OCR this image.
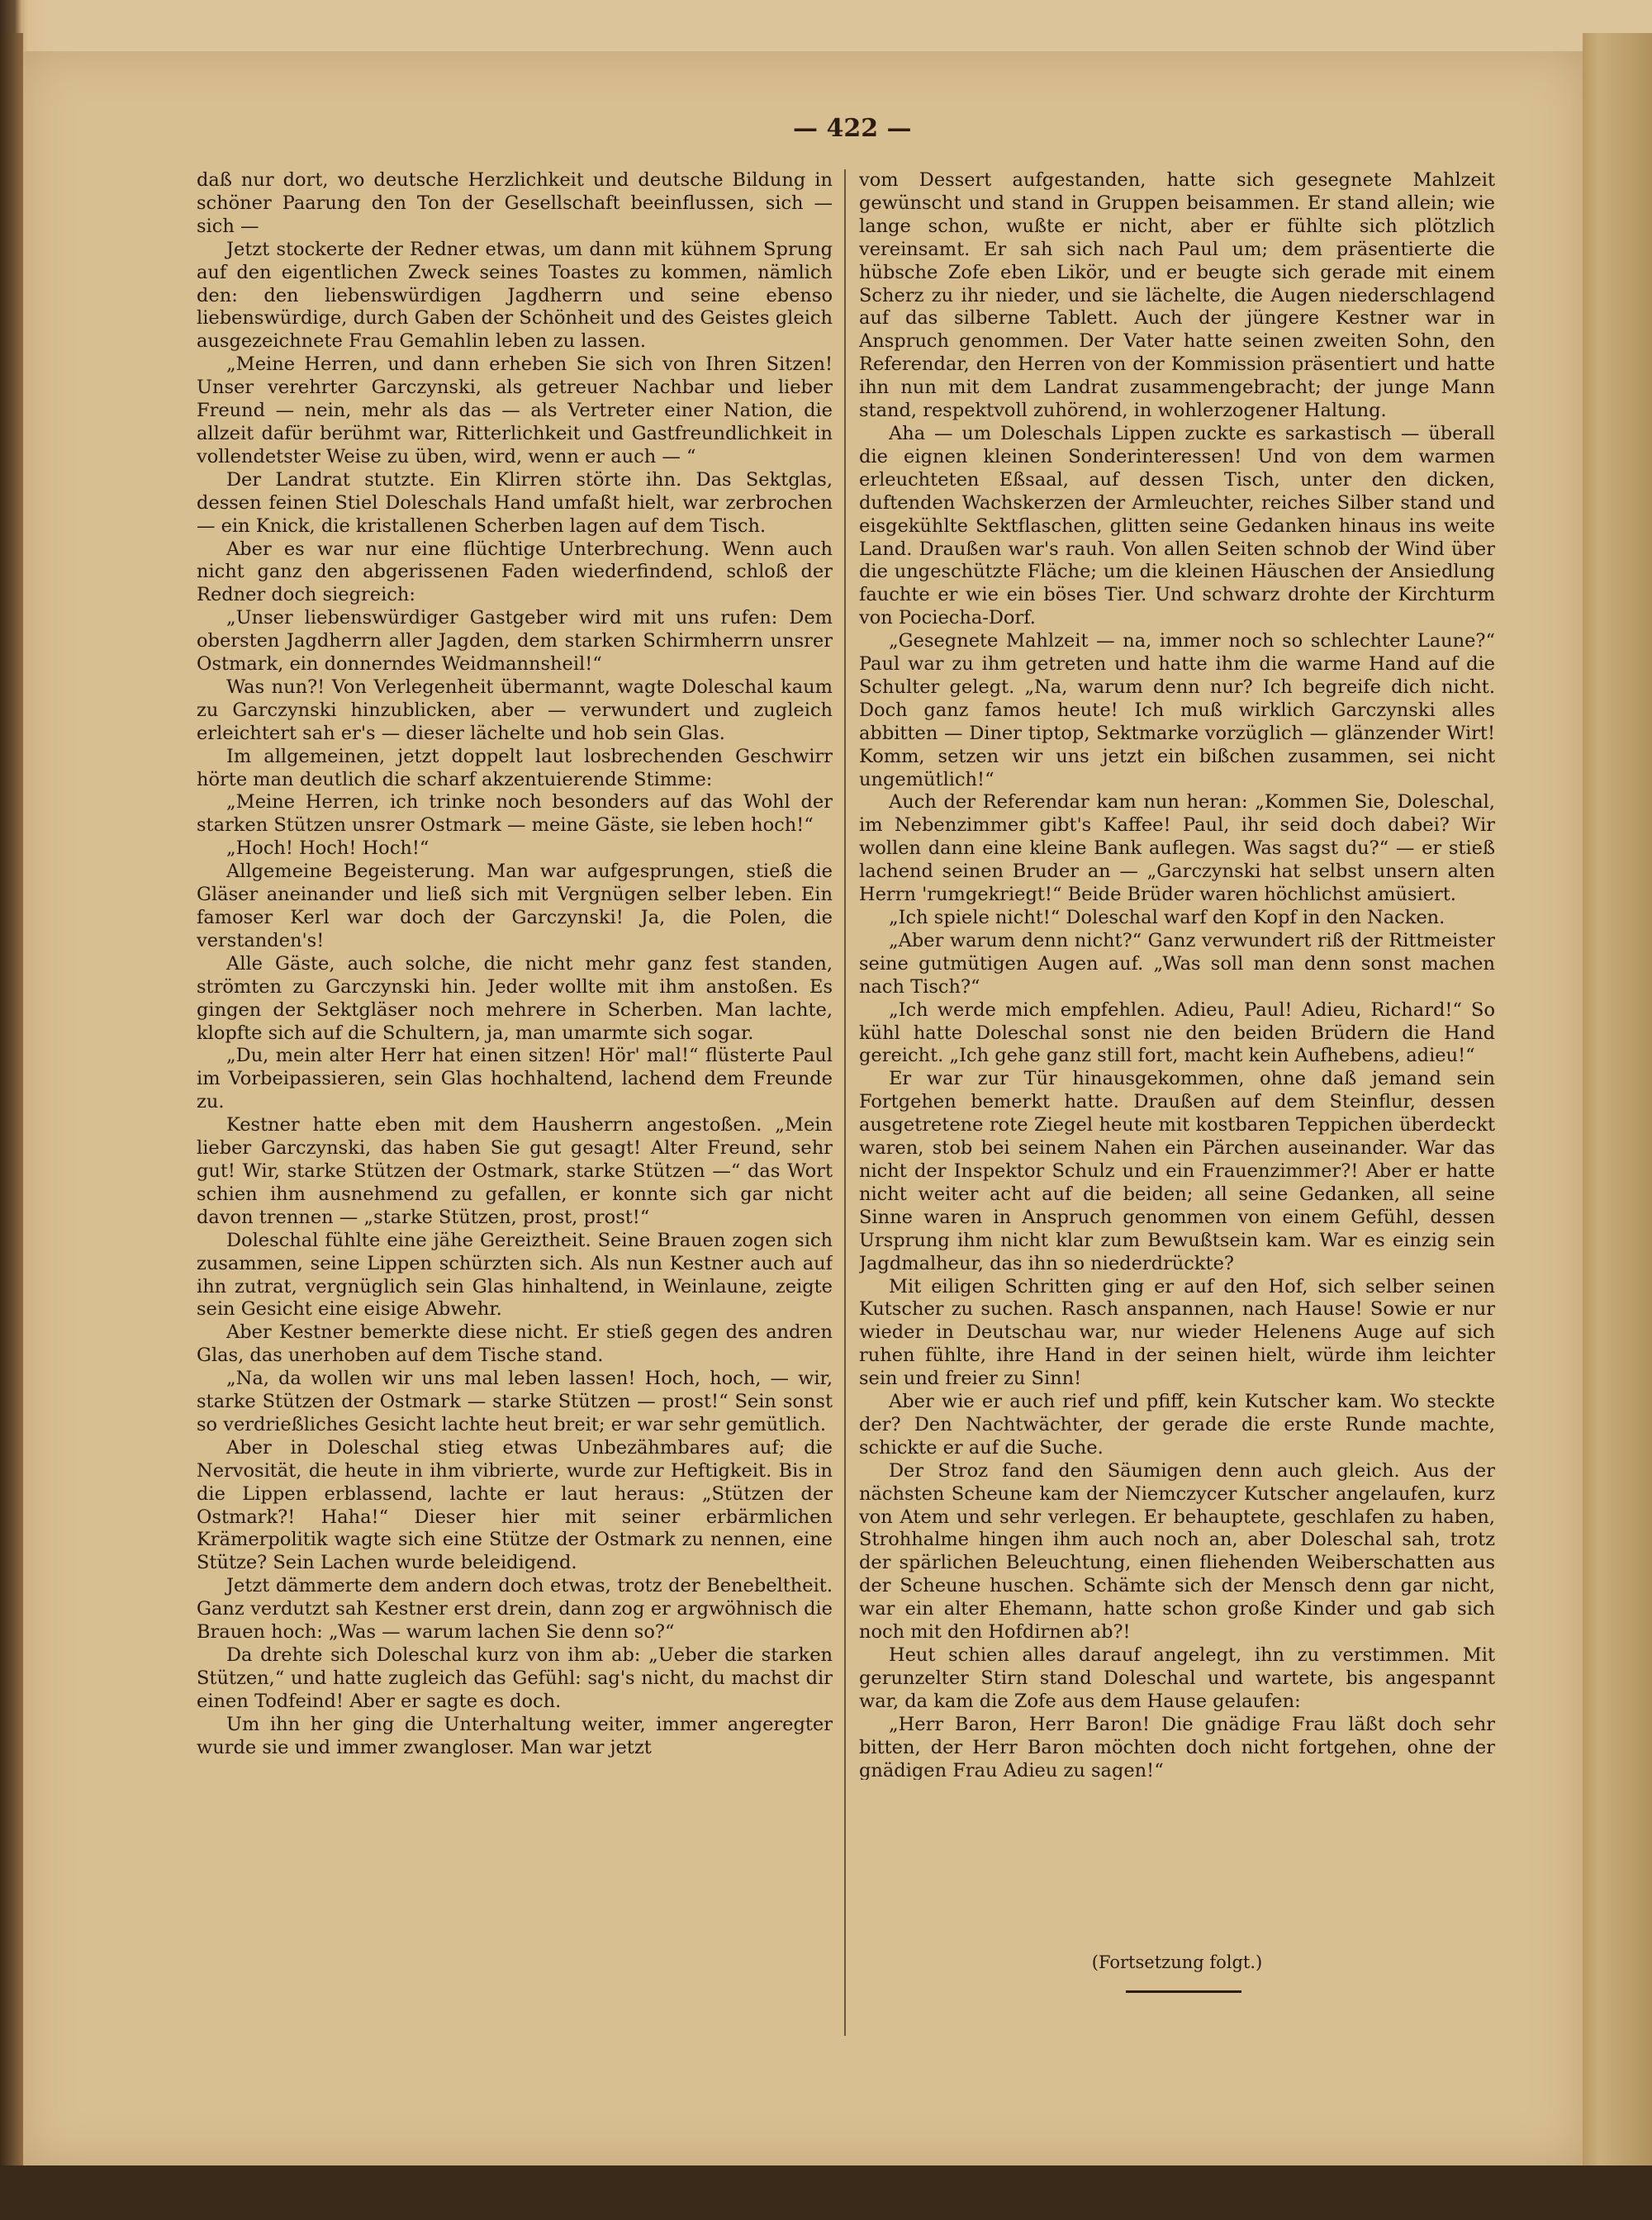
— 422 —

daß nur dort, wo deutsche Herzlichkeit und deutsche Bildung in schöner Paarung den Ton der Gesellschaft beeinflussen, sich — sich —

Jetzt stockerte der Redner etwas, um dann mit kühnem Sprung auf den eigentlichen Zweck seines Toastes zu kommen, nämlich den: den liebenswürdigen Jagdherrn und seine ebenso liebenswürdige, durch Gaben der Schönheit und des Geistes gleich ausgezeichnete Frau Gemahlin leben zu lassen.

„Meine Herren, und dann erheben Sie sich von Ihren Sitzen! Unser verehrter Garczynski, als getreuer Nachbar und lieber Freund — nein, mehr als das — als Vertreter einer Nation, die allzeit dafür berühmt war, Ritterlichkeit und Gastfreundlichkeit in vollendetster Weise zu üben, wird, wenn er auch — “

Der Landrat stutzte. Ein Klirren störte ihn. Das Sektglas, dessen feinen Stiel Doleschals Hand umfaßt hielt, war zerbrochen — ein Knick, die kristallenen Scherben lagen auf dem Tisch.

Aber es war nur eine flüchtige Unterbrechung. Wenn auch nicht ganz den abgerissenen Faden wiederfindend, schloß der Redner doch siegreich:

„Unser liebenswürdiger Gastgeber wird mit uns rufen: Dem obersten Jagdherrn aller Jagden, dem starken Schirmherrn unsrer Ostmark, ein donnerndes Weidmannsheil!“

Was nun?! Von Verlegenheit übermannt, wagte Doleschal kaum zu Garczynski hinzublicken, aber — verwundert und zugleich erleichtert sah er's — dieser lächelte und hob sein Glas.

Im allgemeinen, jetzt doppelt laut losbrechenden Geschwirr hörte man deutlich die scharf akzentuierende Stimme:

„Meine Herren, ich trinke noch besonders auf das Wohl der starken Stützen unsrer Ostmark — meine Gäste, sie leben hoch!“

„Hoch! Hoch! Hoch!“

Allgemeine Begeisterung. Man war aufgesprungen, stieß die Gläser aneinander und ließ sich mit Vergnügen selber leben. Ein famoser Kerl war doch der Garczynski! Ja, die Polen, die verstanden's!

Alle Gäste, auch solche, die nicht mehr ganz fest standen, strömten zu Garczynski hin. Jeder wollte mit ihm anstoßen. Es gingen der Sektgläser noch mehrere in Scherben. Man lachte, klopfte sich auf die Schultern, ja, man umarmte sich sogar.

„Du, mein alter Herr hat einen sitzen! Hör' mal!“ flüsterte Paul im Vorbeipassieren, sein Glas hochhaltend, lachend dem Freunde zu.

Kestner hatte eben mit dem Hausherrn angestoßen. „Mein lieber Garczynski, das haben Sie gut gesagt! Alter Freund, sehr gut! Wir, starke Stützen der Ostmark, starke Stützen —“ das Wort schien ihm ausnehmend zu gefallen, er konnte sich gar nicht davon trennen — „starke Stützen, prost, prost!“

Doleschal fühlte eine jähe Gereiztheit. Seine Brauen zogen sich zusammen, seine Lippen schürzten sich. Als nun Kestner auch auf ihn zutrat, vergnüglich sein Glas hinhaltend, in Weinlaune, zeigte sein Gesicht eine eisige Abwehr.

Aber Kestner bemerkte diese nicht. Er stieß gegen des andren Glas, das unerhoben auf dem Tische stand.

„Na, da wollen wir uns mal leben lassen! Hoch, hoch, — wir, starke Stützen der Ostmark — starke Stützen — prost!“ Sein sonst so verdrießliches Gesicht lachte heut breit; er war sehr gemütlich.

Aber in Doleschal stieg etwas Unbezähmbares auf; die Nervosität, die heute in ihm vibrierte, wurde zur Heftigkeit. Bis in die Lippen erblassend, lachte er laut heraus: „Stützen der Ostmark?! Haha!“ Dieser hier mit seiner erbärmlichen Krämerpolitik wagte sich eine Stütze der Ostmark zu nennen, eine Stütze? Sein Lachen wurde beleidigend.

Jetzt dämmerte dem andern doch etwas, trotz der Benebeltheit. Ganz verdutzt sah Kestner erst drein, dann zog er argwöhnisch die Brauen hoch: „Was — warum lachen Sie denn so?“

Da drehte sich Doleschal kurz von ihm ab: „Ueber die starken Stützen,“ und hatte zugleich das Gefühl: sag's nicht, du machst dir einen Todfeind! Aber er sagte es doch.

Um ihn her ging die Unterhaltung weiter, immer angeregter wurde sie und immer zwangloser. Man war jetzt

vom Dessert aufgestanden, hatte sich gesegnete Mahlzeit gewünscht und stand in Gruppen beisammen. Er stand allein; wie lange schon, wußte er nicht, aber er fühlte sich plötzlich vereinsamt. Er sah sich nach Paul um; dem präsentierte die hübsche Zofe eben Likör, und er beugte sich gerade mit einem Scherz zu ihr nieder, und sie lächelte, die Augen niederschlagend auf das silberne Tablett. Auch der jüngere Kestner war in Anspruch genommen. Der Vater hatte seinen zweiten Sohn, den Referendar, den Herren von der Kommission präsentiert und hatte ihn nun mit dem Landrat zusammengebracht; der junge Mann stand, respektvoll zuhörend, in wohlerzogener Haltung.

Aha — um Doleschals Lippen zuckte es sarkastisch — überall die eignen kleinen Sonderinteressen! Und von dem warmen erleuchteten Eßsaal, auf dessen Tisch, unter den dicken, duftenden Wachskerzen der Armleuchter, reiches Silber stand und eisgekühlte Sektflaschen, glitten seine Gedanken hinaus ins weite Land. Draußen war's rauh. Von allen Seiten schnob der Wind über die ungeschützte Fläche; um die kleinen Häuschen der Ansiedlung fauchte er wie ein böses Tier. Und schwarz drohte der Kirchturm von Pociecha-Dorf.

„Gesegnete Mahlzeit — na, immer noch so schlechter Laune?“ Paul war zu ihm getreten und hatte ihm die warme Hand auf die Schulter gelegt. „Na, warum denn nur? Ich begreife dich nicht. Doch ganz famos heute! Ich muß wirklich Garczynski alles abbitten — Diner tiptop, Sektmarke vorzüglich — glänzender Wirt! Komm, setzen wir uns jetzt ein bißchen zusammen, sei nicht ungemütlich!“

Auch der Referendar kam nun heran: „Kommen Sie, Doleschal, im Nebenzimmer gibt's Kaffee! Paul, ihr seid doch dabei? Wir wollen dann eine kleine Bank auflegen. Was sagst du?“ — er stieß lachend seinen Bruder an — „Garczynski hat selbst unsern alten Herrn 'rumgekriegt!“ Beide Brüder waren höchlichst amüsiert.

„Ich spiele nicht!“ Doleschal warf den Kopf in den Nacken.

„Aber warum denn nicht?“ Ganz verwundert riß der Rittmeister seine gutmütigen Augen auf. „Was soll man denn sonst machen nach Tisch?“

„Ich werde mich empfehlen. Adieu, Paul! Adieu, Richard!“ So kühl hatte Doleschal sonst nie den beiden Brüdern die Hand gereicht. „Ich gehe ganz still fort, macht kein Aufhebens, adieu!“

Er war zur Tür hinausgekommen, ohne daß jemand sein Fortgehen bemerkt hatte. Draußen auf dem Steinflur, dessen ausgetretene rote Ziegel heute mit kostbaren Teppichen überdeckt waren, stob bei seinem Nahen ein Pärchen auseinander. War das nicht der Inspektor Schulz und ein Frauenzimmer?! Aber er hatte nicht weiter acht auf die beiden; all seine Gedanken, all seine Sinne waren in Anspruch genommen von einem Gefühl, dessen Ursprung ihm nicht klar zum Bewußtsein kam. War es einzig sein Jagdmalheur, das ihn so niederdrückte?

Mit eiligen Schritten ging er auf den Hof, sich selber seinen Kutscher zu suchen. Rasch anspannen, nach Hause! Sowie er nur wieder in Deutschau war, nur wieder Helenens Auge auf sich ruhen fühlte, ihre Hand in der seinen hielt, würde ihm leichter sein und freier zu Sinn!

Aber wie er auch rief und pfiff, kein Kutscher kam. Wo steckte der? Den Nachtwächter, der gerade die erste Runde machte, schickte er auf die Suche.

Der Stroz fand den Säumigen denn auch gleich. Aus der nächsten Scheune kam der Niemczycer Kutscher angelaufen, kurz von Atem und sehr verlegen. Er behauptete, geschlafen zu haben, Strohhalme hingen ihm auch noch an, aber Doleschal sah, trotz der spärlichen Beleuchtung, einen fliehenden Weiberschatten aus der Scheune huschen. Schämte sich der Mensch denn gar nicht, war ein alter Ehemann, hatte schon große Kinder und gab sich noch mit den Hofdirnen ab?!

Heut schien alles darauf angelegt, ihn zu verstimmen. Mit gerunzelter Stirn stand Doleschal und wartete, bis angespannt war, da kam die Zofe aus dem Hause gelaufen:

„Herr Baron, Herr Baron! Die gnädige Frau läßt doch sehr bitten, der Herr Baron möchten doch nicht fortgehen, ohne der gnädigen Frau Adieu zu sagen!“

(Fortsetzung folgt.)
